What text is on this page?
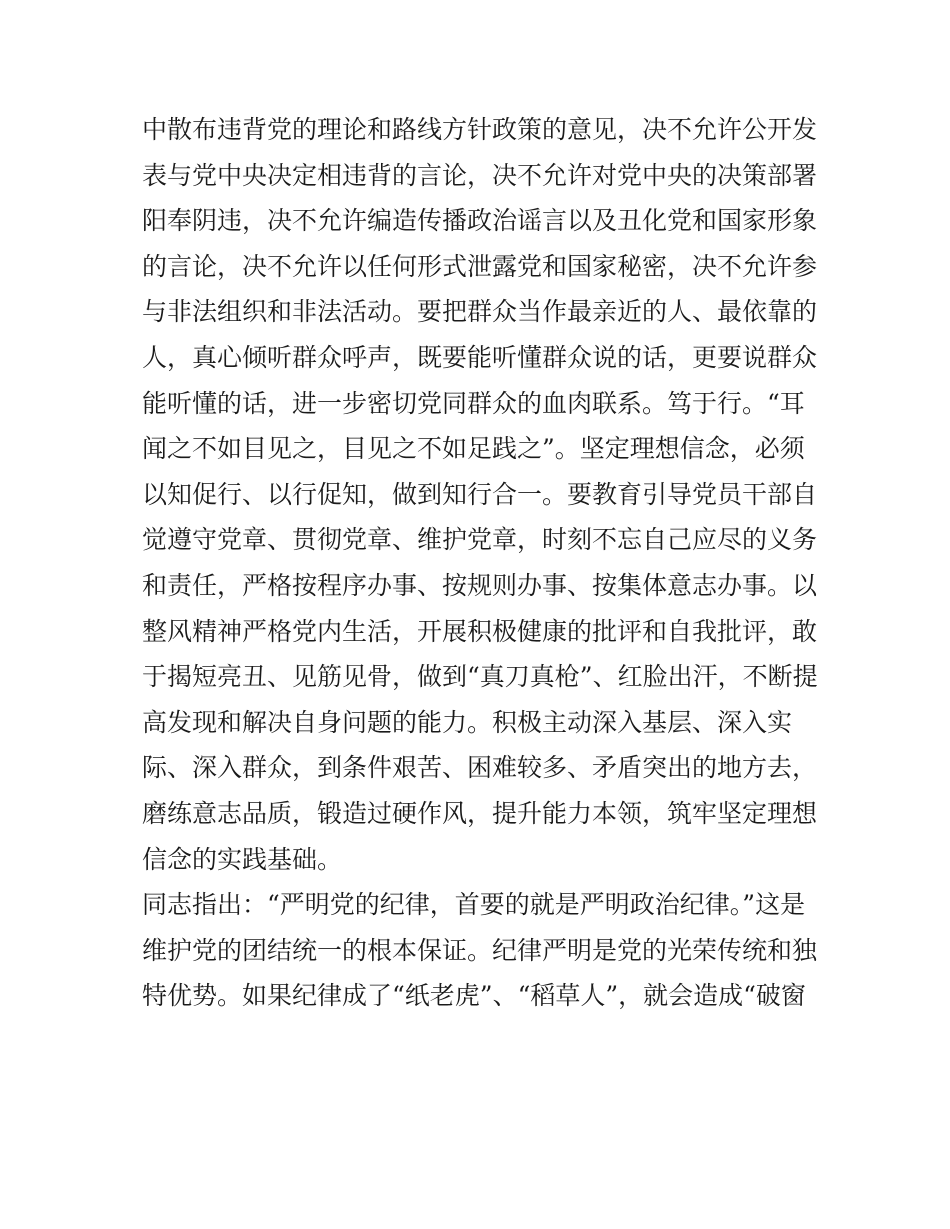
中散布违背党的理论和路线方针政策的意见，决不允许公开发
表与党中央决定相违背的言论，决不允许对党中央的决策部署
阳奉阴违，决不允许编造传播政治谣言以及丑化党和国家形象
的言论，决不允许以任何形式泄露党和国家秘密，决不允许参
与非法组织和非法活动。要把群众当作最亲近的人、最依靠的
人，真心倾听群众呼声，既要能听懂群众说的话，更要说群众
能听懂的话，进一步密切党同群众的血肉联系。笃于行。“耳
闻之不如目见之，目见之不如足践之”。坚定理想信念，必须
以知促行、以行促知，做到知行合一。要教育引导党员干部自
觉遵守党章、贯彻党章、维护党章，时刻不忘自己应尽的义务
和责任，严格按程序办事、按规则办事、按集体意志办事。以
整风精神严格党内生活，开展积极健康的批评和自我批评，敢
于揭短亮丑、见筋见骨，做到“真刀真枪”、红脸出汗，不断提
高发现和解决自身问题的能力。积极主动深入基层、深入实
际、深入群众，到条件艰苦、困难较多、矛盾突出的地方去，
磨练意志品质，锻造过硬作风，提升能力本领，筑牢坚定理想
信念的实践基础。
同志指出：“严明党的纪律，首要的就是严明政治纪律。”这是
维护党的团结统一的根本保证。纪律严明是党的光荣传统和独
特优势。如果纪律成了“纸老虎”、“稻草人”，就会造成“破窗
